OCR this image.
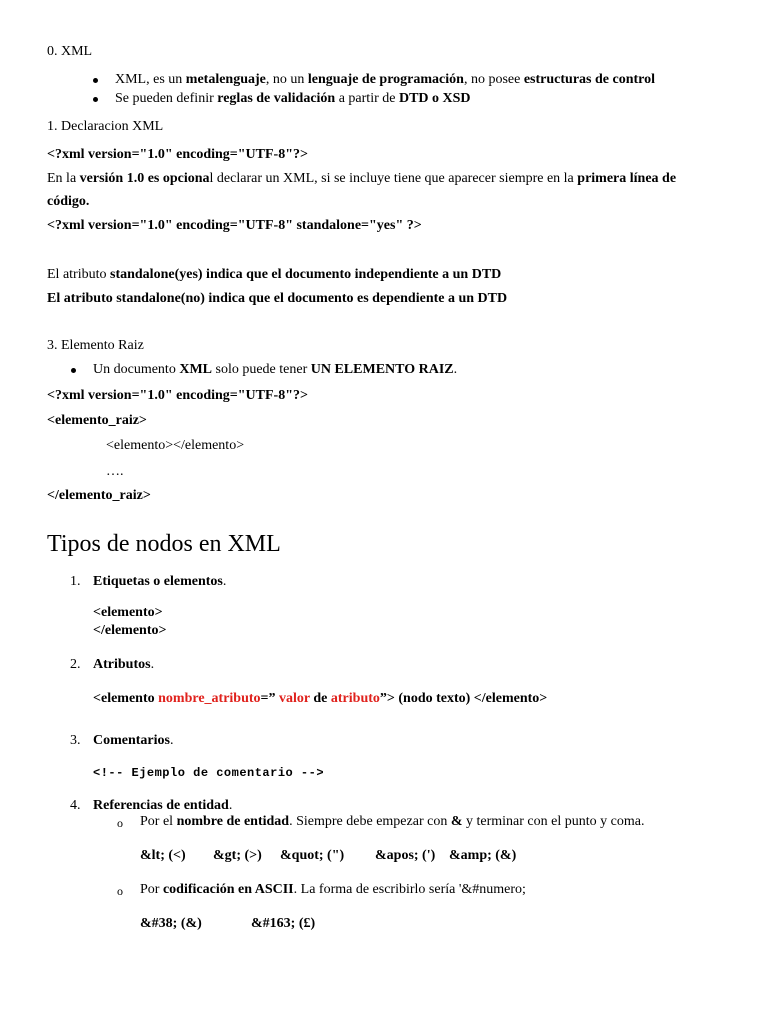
0. XML
XML, es un metalenguaje, no un lenguaje de programación, no posee estructuras de control
Se pueden definir reglas de validación a partir de DTD o XSD
1. Declaracion XML
<?xml version="1.0" encoding="UTF-8"?>
En la versión 1.0 es opcional declarar un XML, si se incluye tiene que aparecer siempre en la primera línea de
código.
<?xml version="1.0" encoding="UTF-8" standalone="yes" ?>
El atributo standalone(yes) indica que el documento independiente a un DTD
El atributo standalone(no) indica que el documento es dependiente a un DTD
3. Elemento Raiz
Un documento XML solo puede tener UN ELEMENTO RAIZ.
<?xml version="1.0" encoding="UTF-8"?>
<elemento_raiz>
<elemento></elemento>
….
</elemento_raiz>
Tipos de nodos en XML
1. Etiquetas o elementos.
<elemento>
</elemento>
2. Atributos.
<elemento nombre_atributo=” valor de atributo”> (nodo texto) </elemento>
3. Comentarios.
<!-- Ejemplo de comentario -->
4. Referencias de entidad.
o Por el nombre de entidad. Siempre debe empezar con & y terminar con el punto y coma.
&lt; (<) &gt; (>) &quot; (") &apos; (') &amp; (&)
o Por codificación en ASCII. La forma de escribirlo sería '&#numero;
&#38; (&)	&#163; (£)
